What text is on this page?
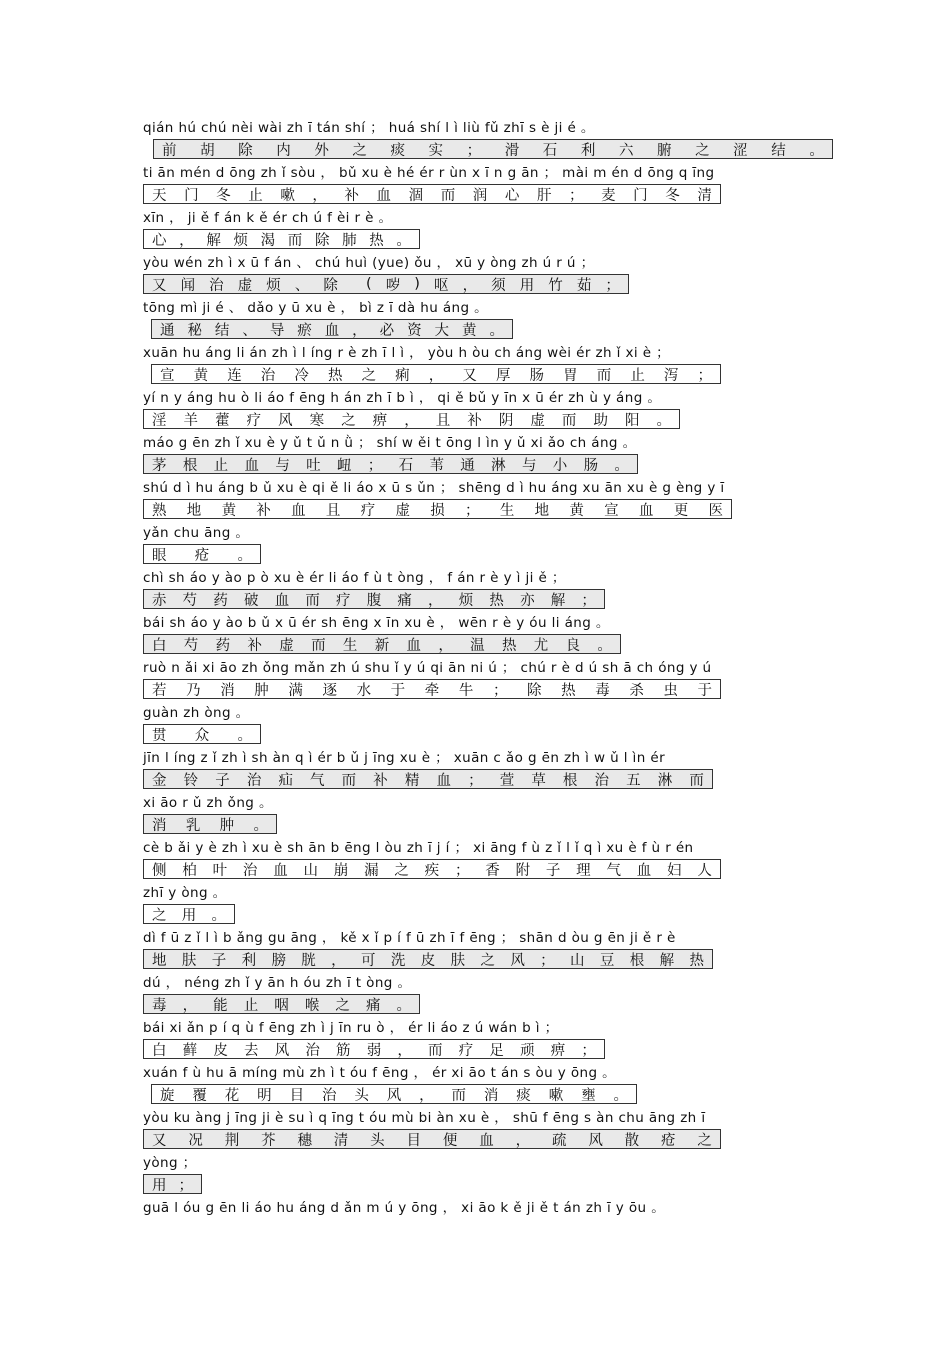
qián hú chú nèi wài zh ī tán shí ； huá shí l ì liù fǔ zhī s è ji é 。
前 胡 除 内 外 之 痰 实 ； 滑 石 利 六 腑 之 涩 结 。
ti ān mén d ōng zh ǐ sòu ， bǔ xu è hé ér r ùn x ī n g ān ； mài m én d ōng q īng
天 门 冬 止 嗽 ， 补 血 涸 而 润 心 肝 ； 麦 门 冬 清
xīn ， ji ě f án k ě ér ch ú f èi r è 。
心 ， 解 烦 渴 而 除 肺 热 。
yòu wén zh ì x ū f án 、 chú huì (yue) ǒu ， xū y òng zh ú r ú ；
又 闻 治 虚 烦 、 除 ( 哕 ) 呕 ， 须 用 竹 茹 ；
tōng mì ji é 、 dǎo y ū xu è ， bì z ī dà hu áng 。
通 秘 结 、 导 瘀 血 ， 必 资 大 黄 。
xuān hu áng li án zh ì l íng r è zh ī l ì ， yòu h òu ch áng wèi ér zh ǐ xi è ；
宣 黄 连 治 冷 热 之 痢 ， 又 厚 肠 胃 而 止 泻 ；
yí n y áng hu ò li áo f ēng h án zh ī b ì ， qi ě bǔ y īn x ū ér zh ù y áng 。
淫 羊 藿 疗 风 寒 之 痹 ， 且 补 阴 虚 而 助 阳 。
máo g ēn zh ǐ xu è y ǔ t ǔ n ǜ ； shí w ěi t ōng l ìn y ǔ xi ǎo ch áng 。
茅 根 止 血 与 吐 衄 ； 石 苇 通 淋 与 小 肠 。
shú d ì hu áng b ǔ xu è qi ě li áo x ū s ǔn ； shēng d ì hu áng xu ān xu è g èng y ī
熟 地 黄 补 血 且 疗 虚 损 ； 生 地 黄 宣 血 更 医
yǎn chu āng 。
眼 疮 。
chì sh áo y ào p ò xu è ér li áo f ù t òng ， f án r è y ì ji ě ；
赤 芍 药 破 血 而 疗 腹 痛 ， 烦 热 亦 解 ；
bái sh áo y ào b ǔ x ū ér sh ēng x īn xu è ， wēn r è y óu li áng 。
白 芍 药 补 虚 而 生 新 血 ， 温 热 尤 良 。
ruò n ǎi xi āo zh ǒng mǎn zh ú shu ǐ y ú qi ān ni ú ； chú r è d ú sh ā ch óng y ú
若 乃 消 肿 满 逐 水 于 牵 牛 ； 除 热 毒 杀 虫 于
guàn zh òng 。
贯 众 。
jīn l íng z ǐ zh ì sh àn q ì ér b ǔ j īng xu è ； xuān c ǎo g ēn zh ì w ǔ l ìn ér
金 铃 子 治 疝 气 而 补 精 血 ； 萱 草 根 治 五 淋 而
xi āo r ǔ zh ǒng 。
消 乳 肿 。
cè b ǎi y è zh ì xu è sh ān b ēng l òu zh ī j í ； xi āng f ù z ǐ l ǐ q ì xu è f ù r én
侧 柏 叶 治 血 山 崩 漏 之 疾 ； 香 附 子 理 气 血 妇 人
zhī y òng 。
之 用 。
dì f ū z ǐ l ì b ǎng gu āng ， kě x ǐ p í f ū zh ī f ēng ； shān d òu g ēn ji ě r è
地 肤 子 利 膀 胱 ， 可 洗 皮 肤 之 风 ； 山 豆 根 解 热
dú ， néng zh ǐ y ān h óu zh ī t òng 。
毒 ， 能 止 咽 喉 之 痛 。
bái xi ǎn p í q ù f ēng zh ì j īn ru ò ， ér li áo z ú wán b ì ；
白 藓 皮 去 风 治 筋 弱 ， 而 疗 足 顽 痹 ；
xuán f ù hu ā míng mù zh ì t óu f ēng ， ér xi āo t án s òu y ōng 。
旋 覆 花 明 目 治 头 风 ， 而 消 痰 嗽 壅 。
yòu ku àng j īng ji è su ì q īng t óu mù bi àn xu è ， shū f ēng s àn chu āng zh ī
又 况 荆 芥 穗 清 头 目 便 血 ， 疏 风 散 疮 之
yòng ；
用 ；
guā l óu g ēn li áo hu áng d ǎn m ú y ōng ， xi āo k ě ji ě t án zh ī y ōu 。
